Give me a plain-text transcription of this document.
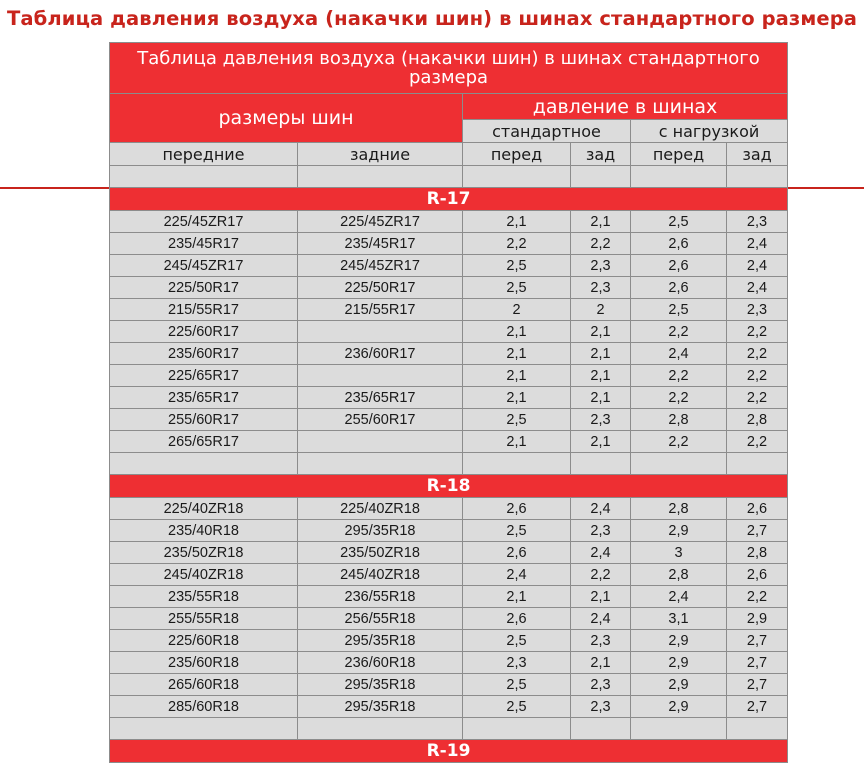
Таблица давления воздуха (накачки шин) в шинах стандартного размера
Таблица давления воздуха (накачки шин) в шинах стандартного размера					
размеры шин		давление в шинах			
		стандартное		с нагрузкой	
передние	задние	перед	зад	перед	зад

R-17					
225/45ZR17	225/45ZR17	2,1	2,1	2,5	2,3
235/45R17	235/45R17	2,2	2,2	2,6	2,4
245/45ZR17	245/45ZR17	2,5	2,3	2,6	2,4
225/50R17	225/50R17	2,5	2,3	2,6	2,4
215/55R17	215/55R17	2	2	2,5	2,3
225/60R17		2,1	2,1	2,2	2,2
235/60R17	236/60R17	2,1	2,1	2,4	2,2
225/65R17		2,1	2,1	2,2	2,2
235/65R17	235/65R17	2,1	2,1	2,2	2,2
255/60R17	255/60R17	2,5	2,3	2,8	2,8
265/65R17		2,1	2,1	2,2	2,2

R-18					
225/40ZR18	225/40ZR18	2,6	2,4	2,8	2,6
235/40R18	295/35R18	2,5	2,3	2,9	2,7
235/50ZR18	235/50ZR18	2,6	2,4	3	2,8
245/40ZR18	245/40ZR18	2,4	2,2	2,8	2,6
235/55R18	236/55R18	2,1	2,1	2,4	2,2
255/55R18	256/55R18	2,6	2,4	3,1	2,9
225/60R18	295/35R18	2,5	2,3	2,9	2,7
235/60R18	236/60R18	2,3	2,1	2,9	2,7
265/60R18	295/35R18	2,5	2,3	2,9	2,7
285/60R18	295/35R18	2,5	2,3	2,9	2,7

R-19					
